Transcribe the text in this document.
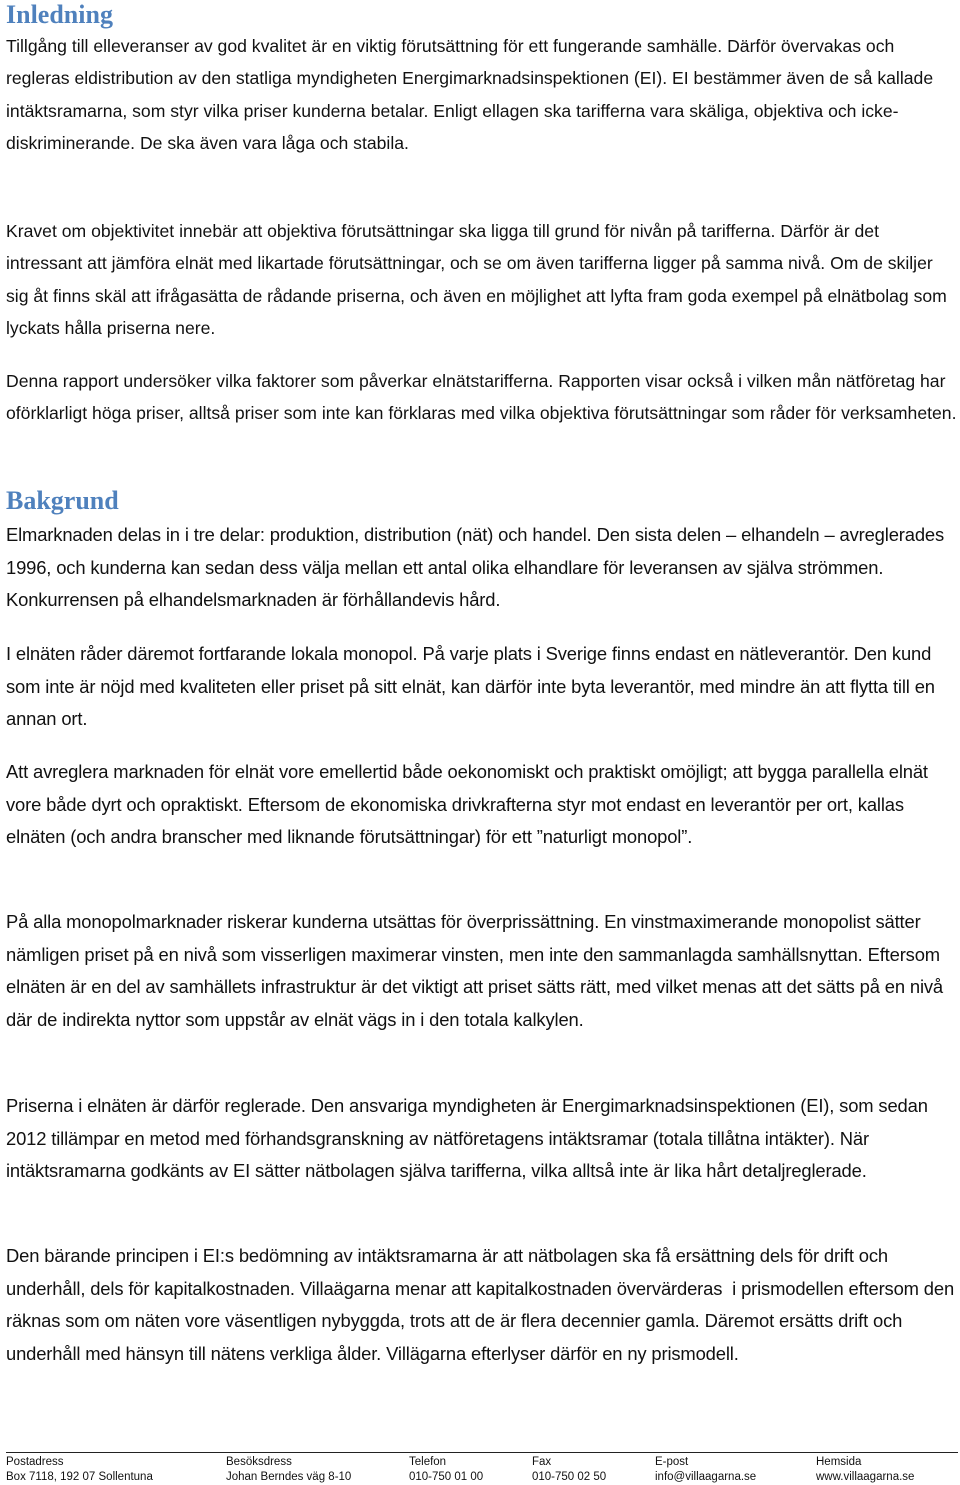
Inledning

Tillgång till elleveranser av god kvalitet är en viktig förutsättning för ett fungerande samhälle. Därför övervakas och regleras eldistribution av den statliga myndigheten Energimarknadsinspektionen (EI). EI bestämmer även de så kallade intäktsramarna, som styr vilka priser kunderna betalar. Enligt ellagen ska tarifferna vara skäliga, objektiva och icke-diskriminerande. De ska även vara låga och stabila.

Kravet om objektivitet innebär att objektiva förutsättningar ska ligga till grund för nivån på tarifferna. Därför är det intressant att jämföra elnät med likartade förutsättningar, och se om även tarifferna ligger på samma nivå. Om de skiljer sig åt finns skäl att ifrågasätta de rådande priserna, och även en möjlighet att lyfta fram goda exempel på elnätbolag som lyckats hålla priserna nere.

Denna rapport undersöker vilka faktorer som påverkar elnätstarifferna. Rapporten visar också i vilken mån nätföretag har oförklarligt höga priser, alltså priser som inte kan förklaras med vilka objektiva förutsättningar som råder för verksamheten.

Bakgrund

Elmarknaden delas in i tre delar: produktion, distribution (nät) och handel. Den sista delen – elhandeln – avreglerades 1996, och kunderna kan sedan dess välja mellan ett antal olika elhandlare för leveransen av själva strömmen. Konkurrensen på elhandelsmarknaden är förhållandevis hård.

I elnäten råder däremot fortfarande lokala monopol. På varje plats i Sverige finns endast en nätleverantör. Den kund som inte är nöjd med kvaliteten eller priset på sitt elnät, kan därför inte byta leverantör, med mindre än att flytta till en annan ort.

Att avreglera marknaden för elnät vore emellertid både oekonomiskt och praktiskt omöjligt; att bygga parallella elnät vore både dyrt och opraktiskt. Eftersom de ekonomiska drivkrafterna styr mot endast en leverantör per ort, kallas elnäten (och andra branscher med liknande förutsättningar) för ett ”naturligt monopol”.

På alla monopolmarknader riskerar kunderna utsättas för överprissättning. En vinstmaximerande monopolist sätter nämligen priset på en nivå som visserligen maximerar vinsten, men inte den sammanlagda samhällsnyttan. Eftersom elnäten är en del av samhällets infrastruktur är det viktigt att priset sätts rätt, med vilket menas att det sätts på en nivå där de indirekta nyttor som uppstår av elnät vägs in i den totala kalkylen.

Priserna i elnäten är därför reglerade. Den ansvariga myndigheten är Energimarknadsinspektionen (EI), som sedan 2012 tillämpar en metod med förhandsgranskning av nätföretagens intäktsramar (totala tillåtna intäkter). När intäktsramarna godkänts av EI sätter nätbolagen själva tarifferna, vilka alltså inte är lika hårt detaljreglerade.

Den bärande principen i EI:s bedömning av intäktsramarna är att nätbolagen ska få ersättning dels för drift och underhåll, dels för kapitalkostnaden. Villaägarna menar att kapitalkostnaden övervärderas  i prismodellen eftersom den räknas som om näten vore väsentligen nybyggda, trots att de är flera decennier gamla. Däremot ersätts drift och underhåll med hänsyn till nätens verkliga ålder. Villägarna efterlyser därför en ny prismodell.

Postadress
Box 7118, 192 07 Sollentuna
Besöksdress
Johan Berndes väg 8-10
Telefon
010-750 01 00
Fax
010-750 02 50
E-post
info@villaagarna.se
Hemsida
www.villaagarna.se
